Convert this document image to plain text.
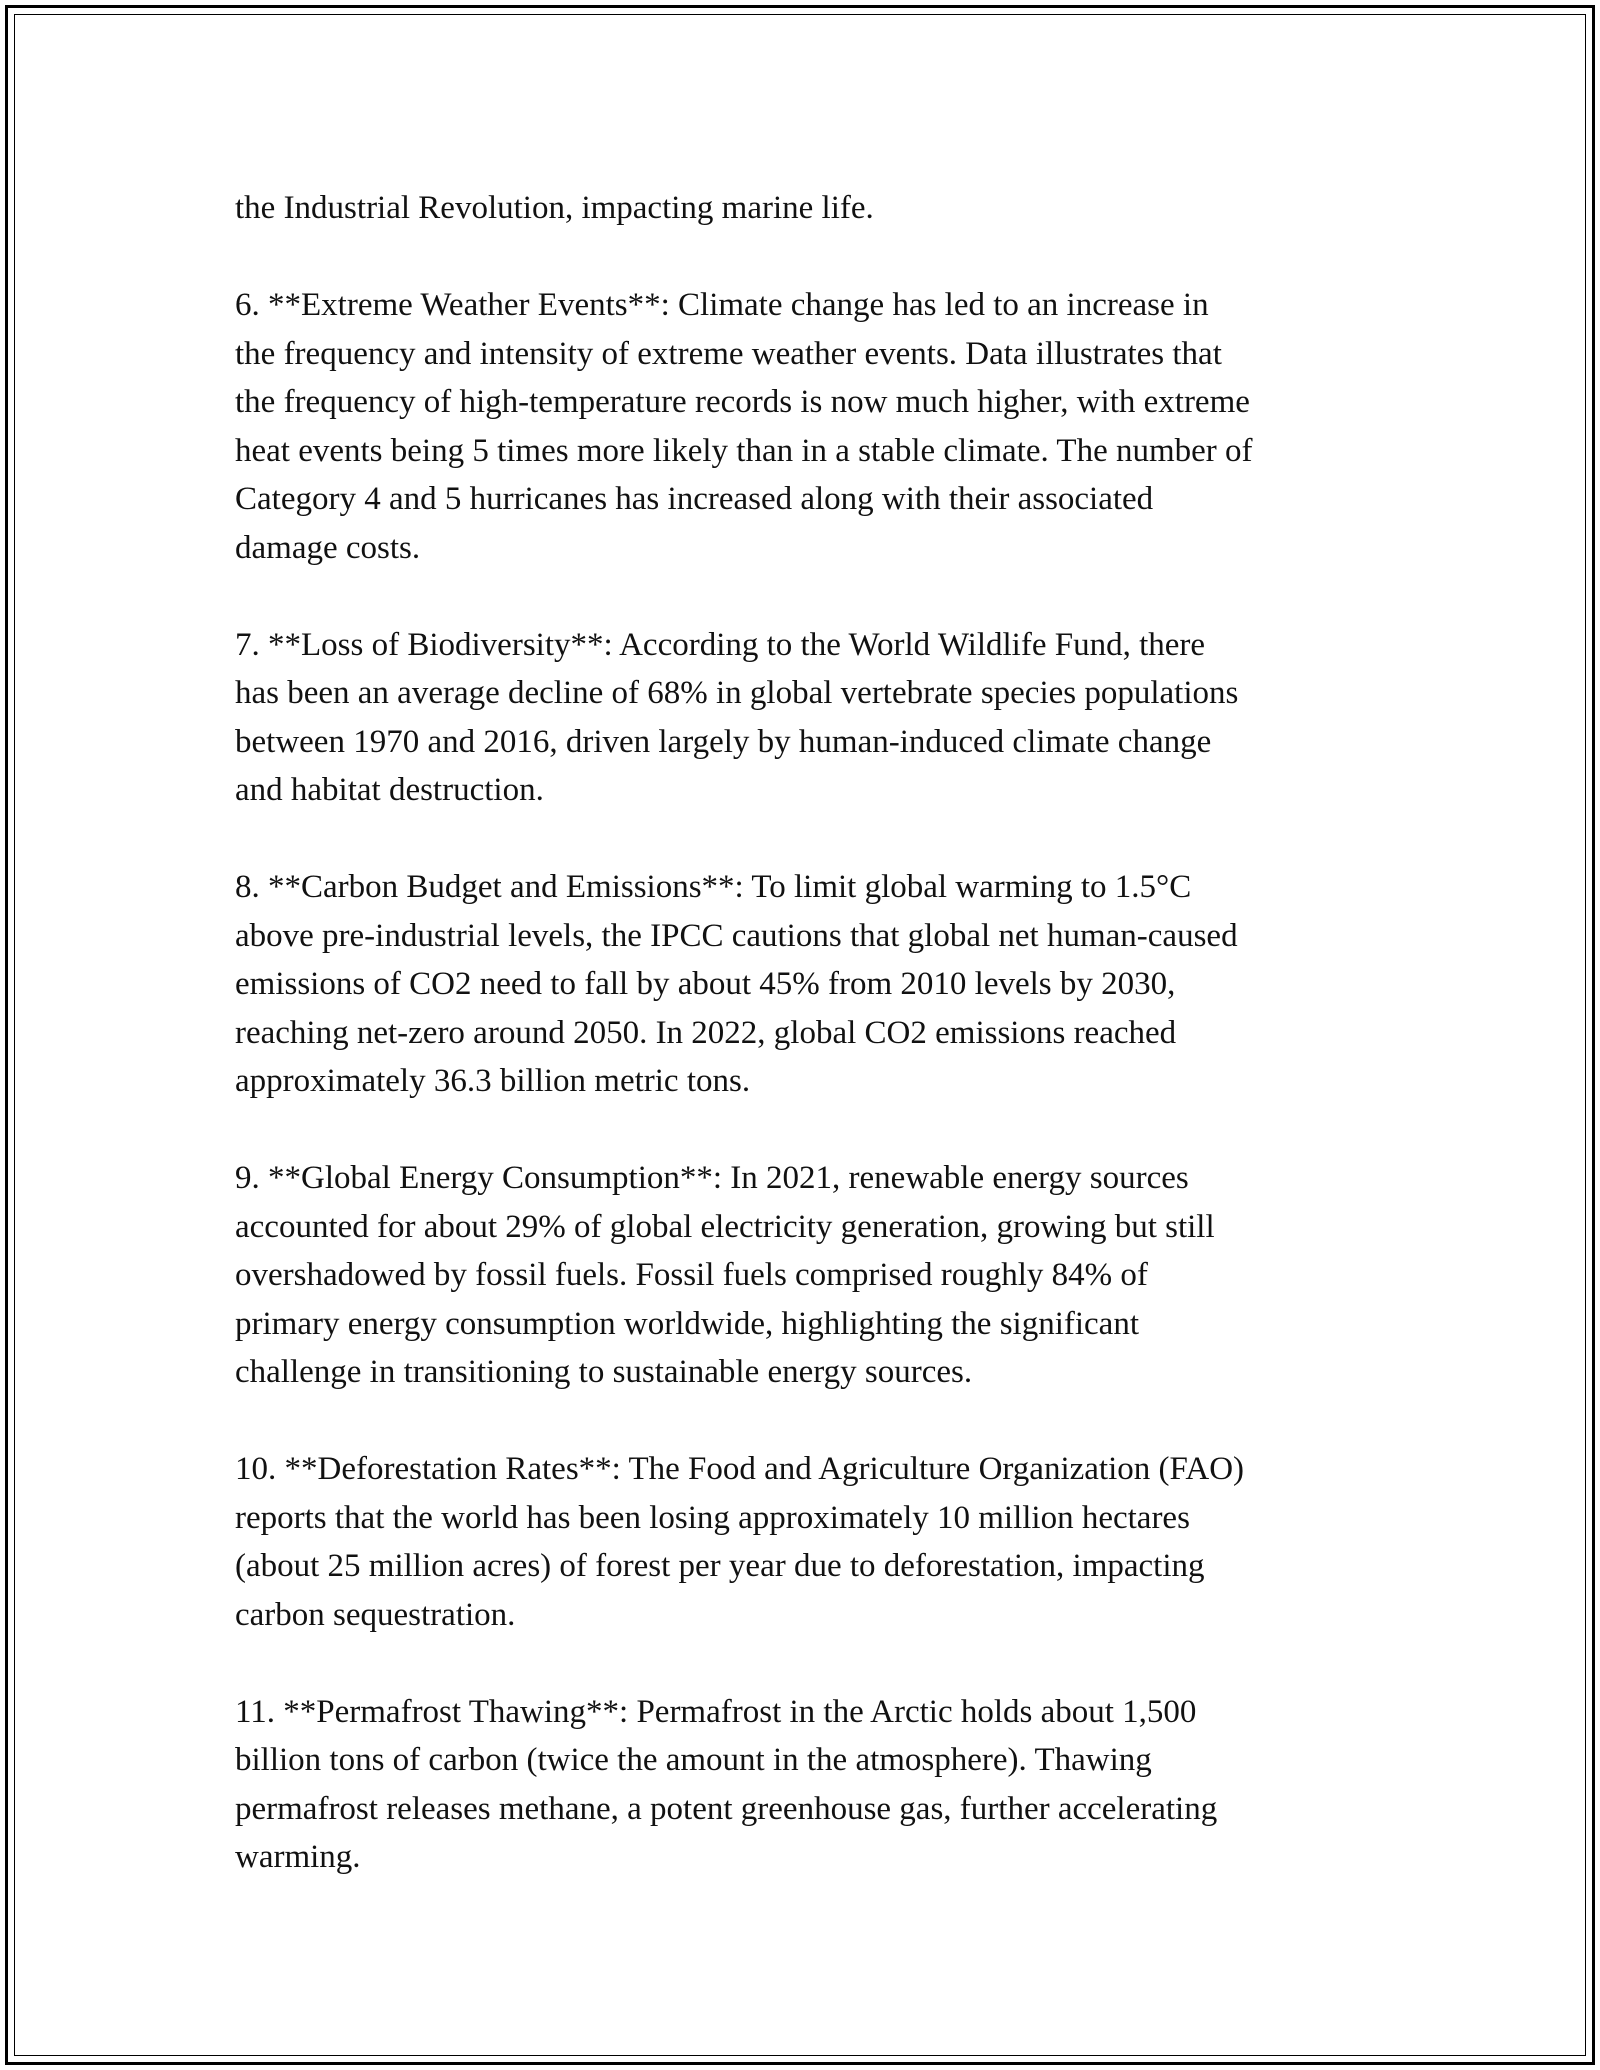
the Industrial Revolution, impacting marine life.

6. **Extreme Weather Events**: Climate change has led to an increase in
the frequency and intensity of extreme weather events. Data illustrates that
the frequency of high-temperature records is now much higher, with extreme
heat events being 5 times more likely than in a stable climate. The number of
Category 4 and 5 hurricanes has increased along with their associated
damage costs.

7. **Loss of Biodiversity**: According to the World Wildlife Fund, there
has been an average decline of 68% in global vertebrate species populations
between 1970 and 2016, driven largely by human-induced climate change
and habitat destruction.

8. **Carbon Budget and Emissions**: To limit global warming to 1.5°C
above pre-industrial levels, the IPCC cautions that global net human-caused
emissions of CO2 need to fall by about 45% from 2010 levels by 2030,
reaching net-zero around 2050. In 2022, global CO2 emissions reached
approximately 36.3 billion metric tons.

9. **Global Energy Consumption**: In 2021, renewable energy sources
accounted for about 29% of global electricity generation, growing but still
overshadowed by fossil fuels. Fossil fuels comprised roughly 84% of
primary energy consumption worldwide, highlighting the significant
challenge in transitioning to sustainable energy sources.

10. **Deforestation Rates**: The Food and Agriculture Organization (FAO)
reports that the world has been losing approximately 10 million hectares
(about 25 million acres) of forest per year due to deforestation, impacting
carbon sequestration.

11. **Permafrost Thawing**: Permafrost in the Arctic holds about 1,500
billion tons of carbon (twice the amount in the atmosphere). Thawing
permafrost releases methane, a potent greenhouse gas, further accelerating
warming.
